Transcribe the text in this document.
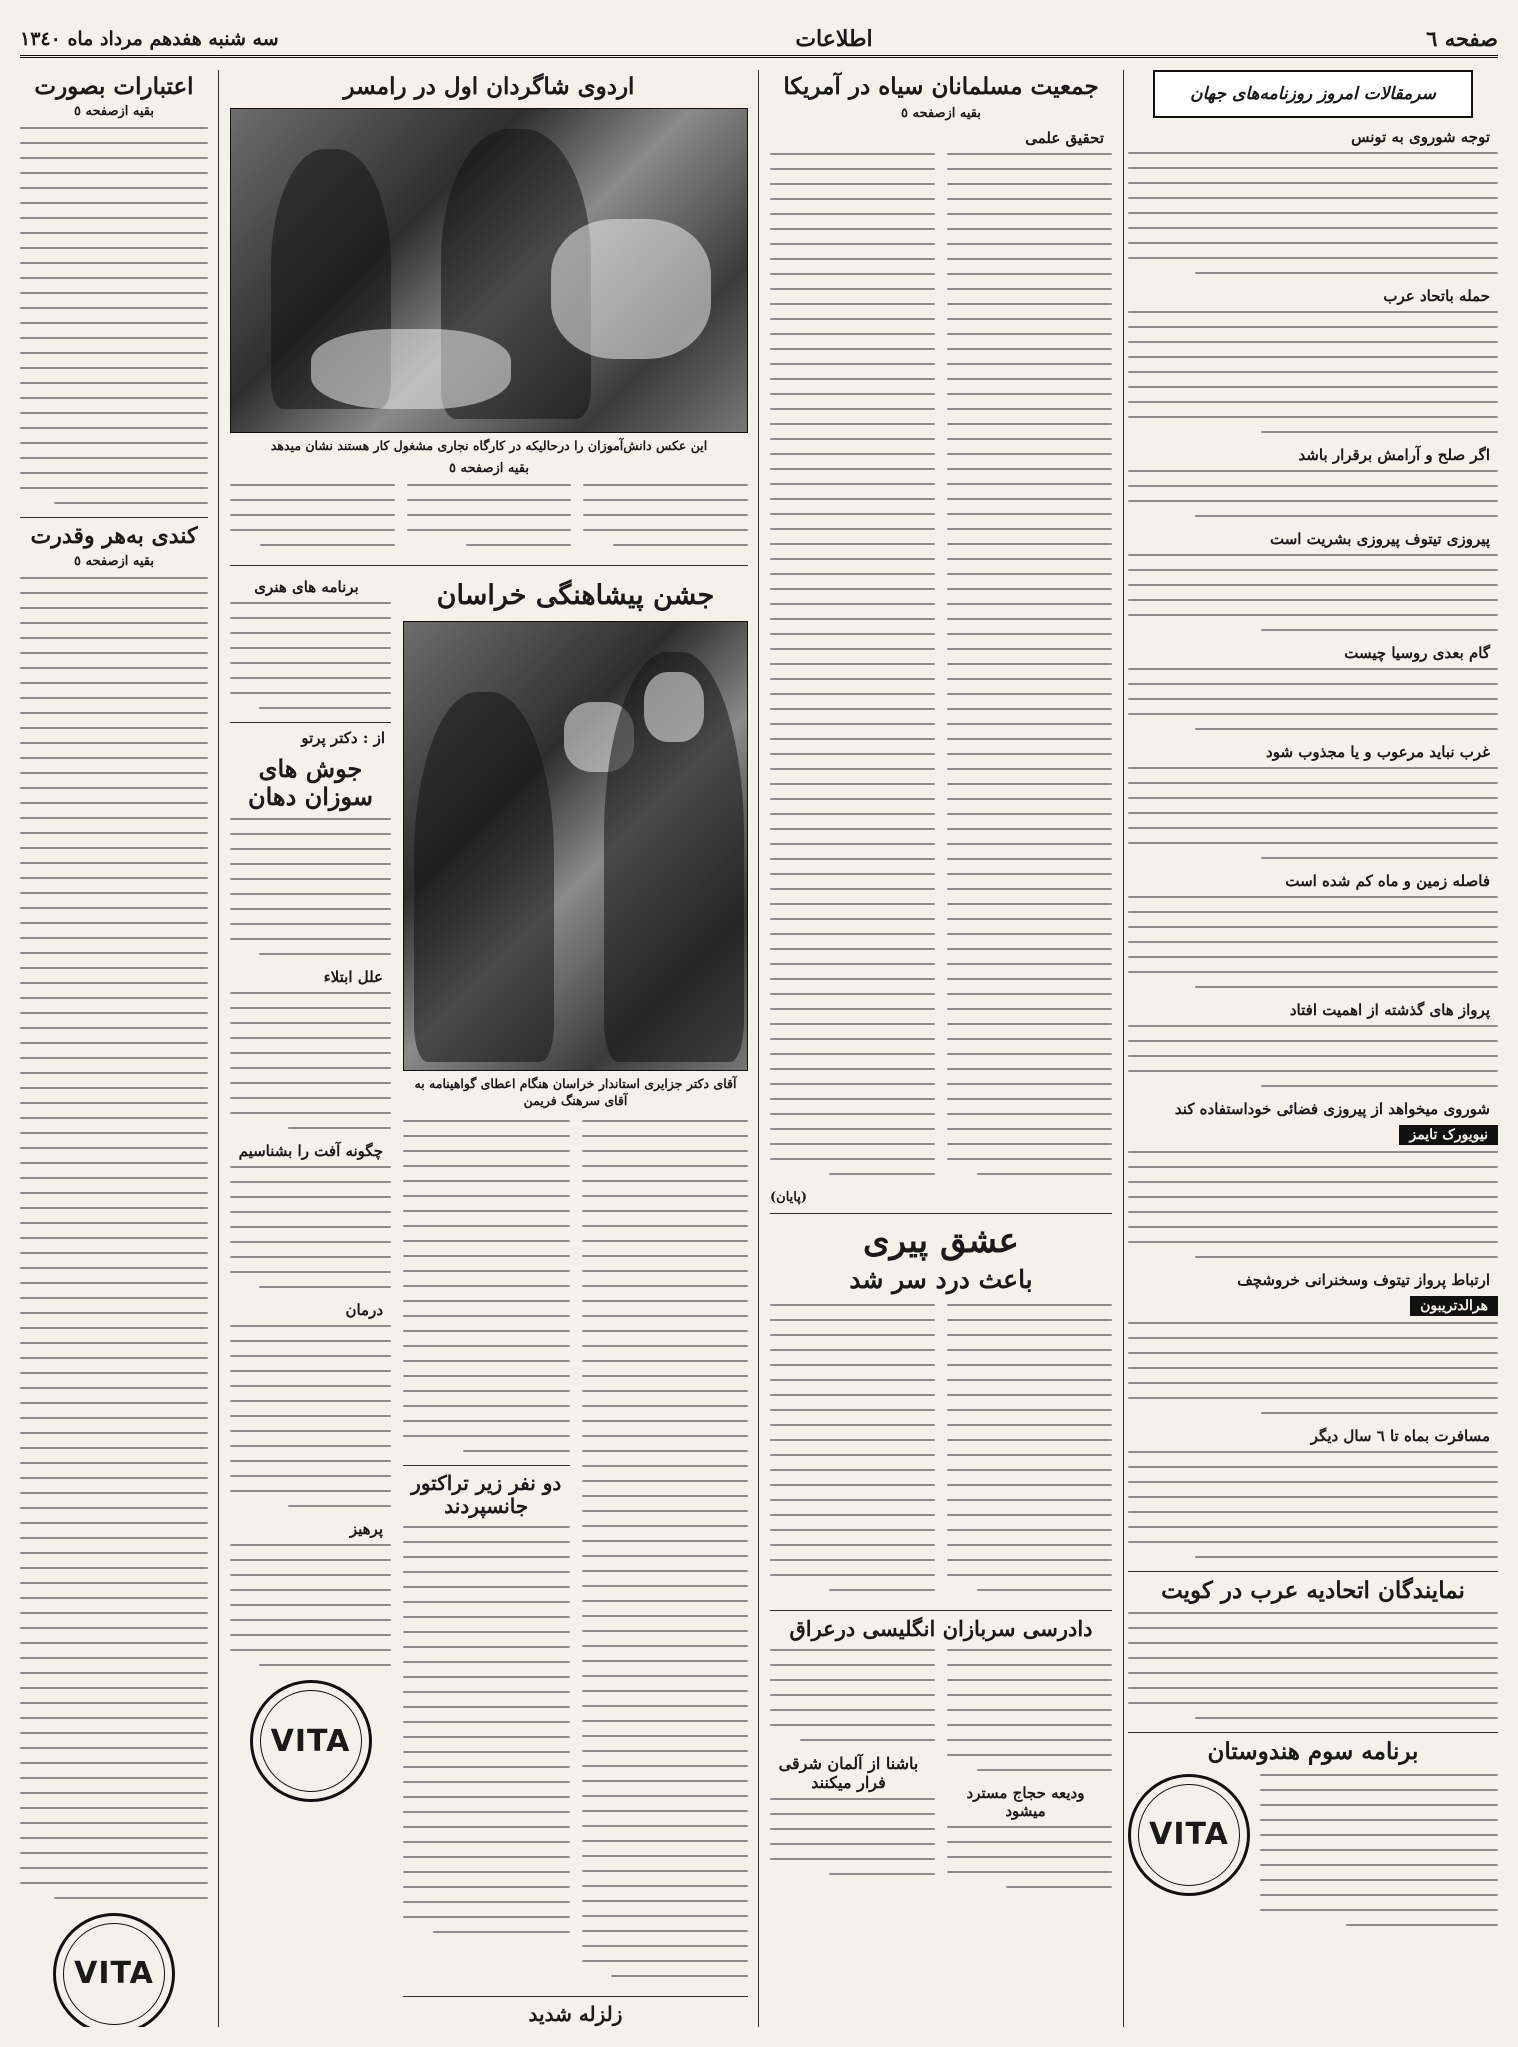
صفحه ٦
اطلاعات
سه شنبه هفدهم مرداد ماه ١٣٤٠
سرمقالات امروز روزنامه‌های جهان
توجه شوروی به تونس
حمله باتحاد عرب
اگر صلح و آرامش برقرار باشد
پیروزی تیتوف پیروزی بشریت است
گام بعدی روسیا چیست
غرب نباید مرعوب و یا مجذوب شود
فاصله زمین و ماه کم شده است
پرواز های گذشته از اهمیت افتاد
شوروی میخواهد از پیروزی فضائی خوداستفاده کند
نیویورک تایمز
ارتباط پرواز تیتوف وسخنرانی خروشچف
هرالدتریبون
مسافرت بماه تا ٦ سال دیگر
نمایندگان اتحادیه عرب در کویت
برنامه سوم هندوستان
VITA
جمعیت مسلمانان سیاه در آمریکا
بقیه ازصفحه ٥
تحقیق علمی
(پایان)
عشق پیری
باعث درد سر شد
دادرسی سربازان انگلیسی درعراق
ودیعه حجاج مسترد میشود
باشنا از آلمان شرقی فرار میکنند
اردوی شاگردان اول در رامسر
این عکس‌ دانش‌آموزان را درحالیکه در کارگاه نجاری مشغول کار هستند نشان میدهد
بقیه ازصفحه ٥
جشن پیشاهنگی خراسان
آقای دکتر جزایری استاندار خراسان هنگام اعطای گواهینامه به آقای سرهنگ فریمن
دو نفر زیر تراکتور جانسپردند
برنامه های هنری
از : دکتر پرتو
جوش های سوزان دهان
علل ابتلاء
چگونه آفت را بشناسیم
درمان
پرهیز
VITA
زلزله شدید
اعتبارات بصورت
بقیه ازصفحه ٥
کندی به‌هر وقدرت
بقیه ازصفحه ٥
VITA
